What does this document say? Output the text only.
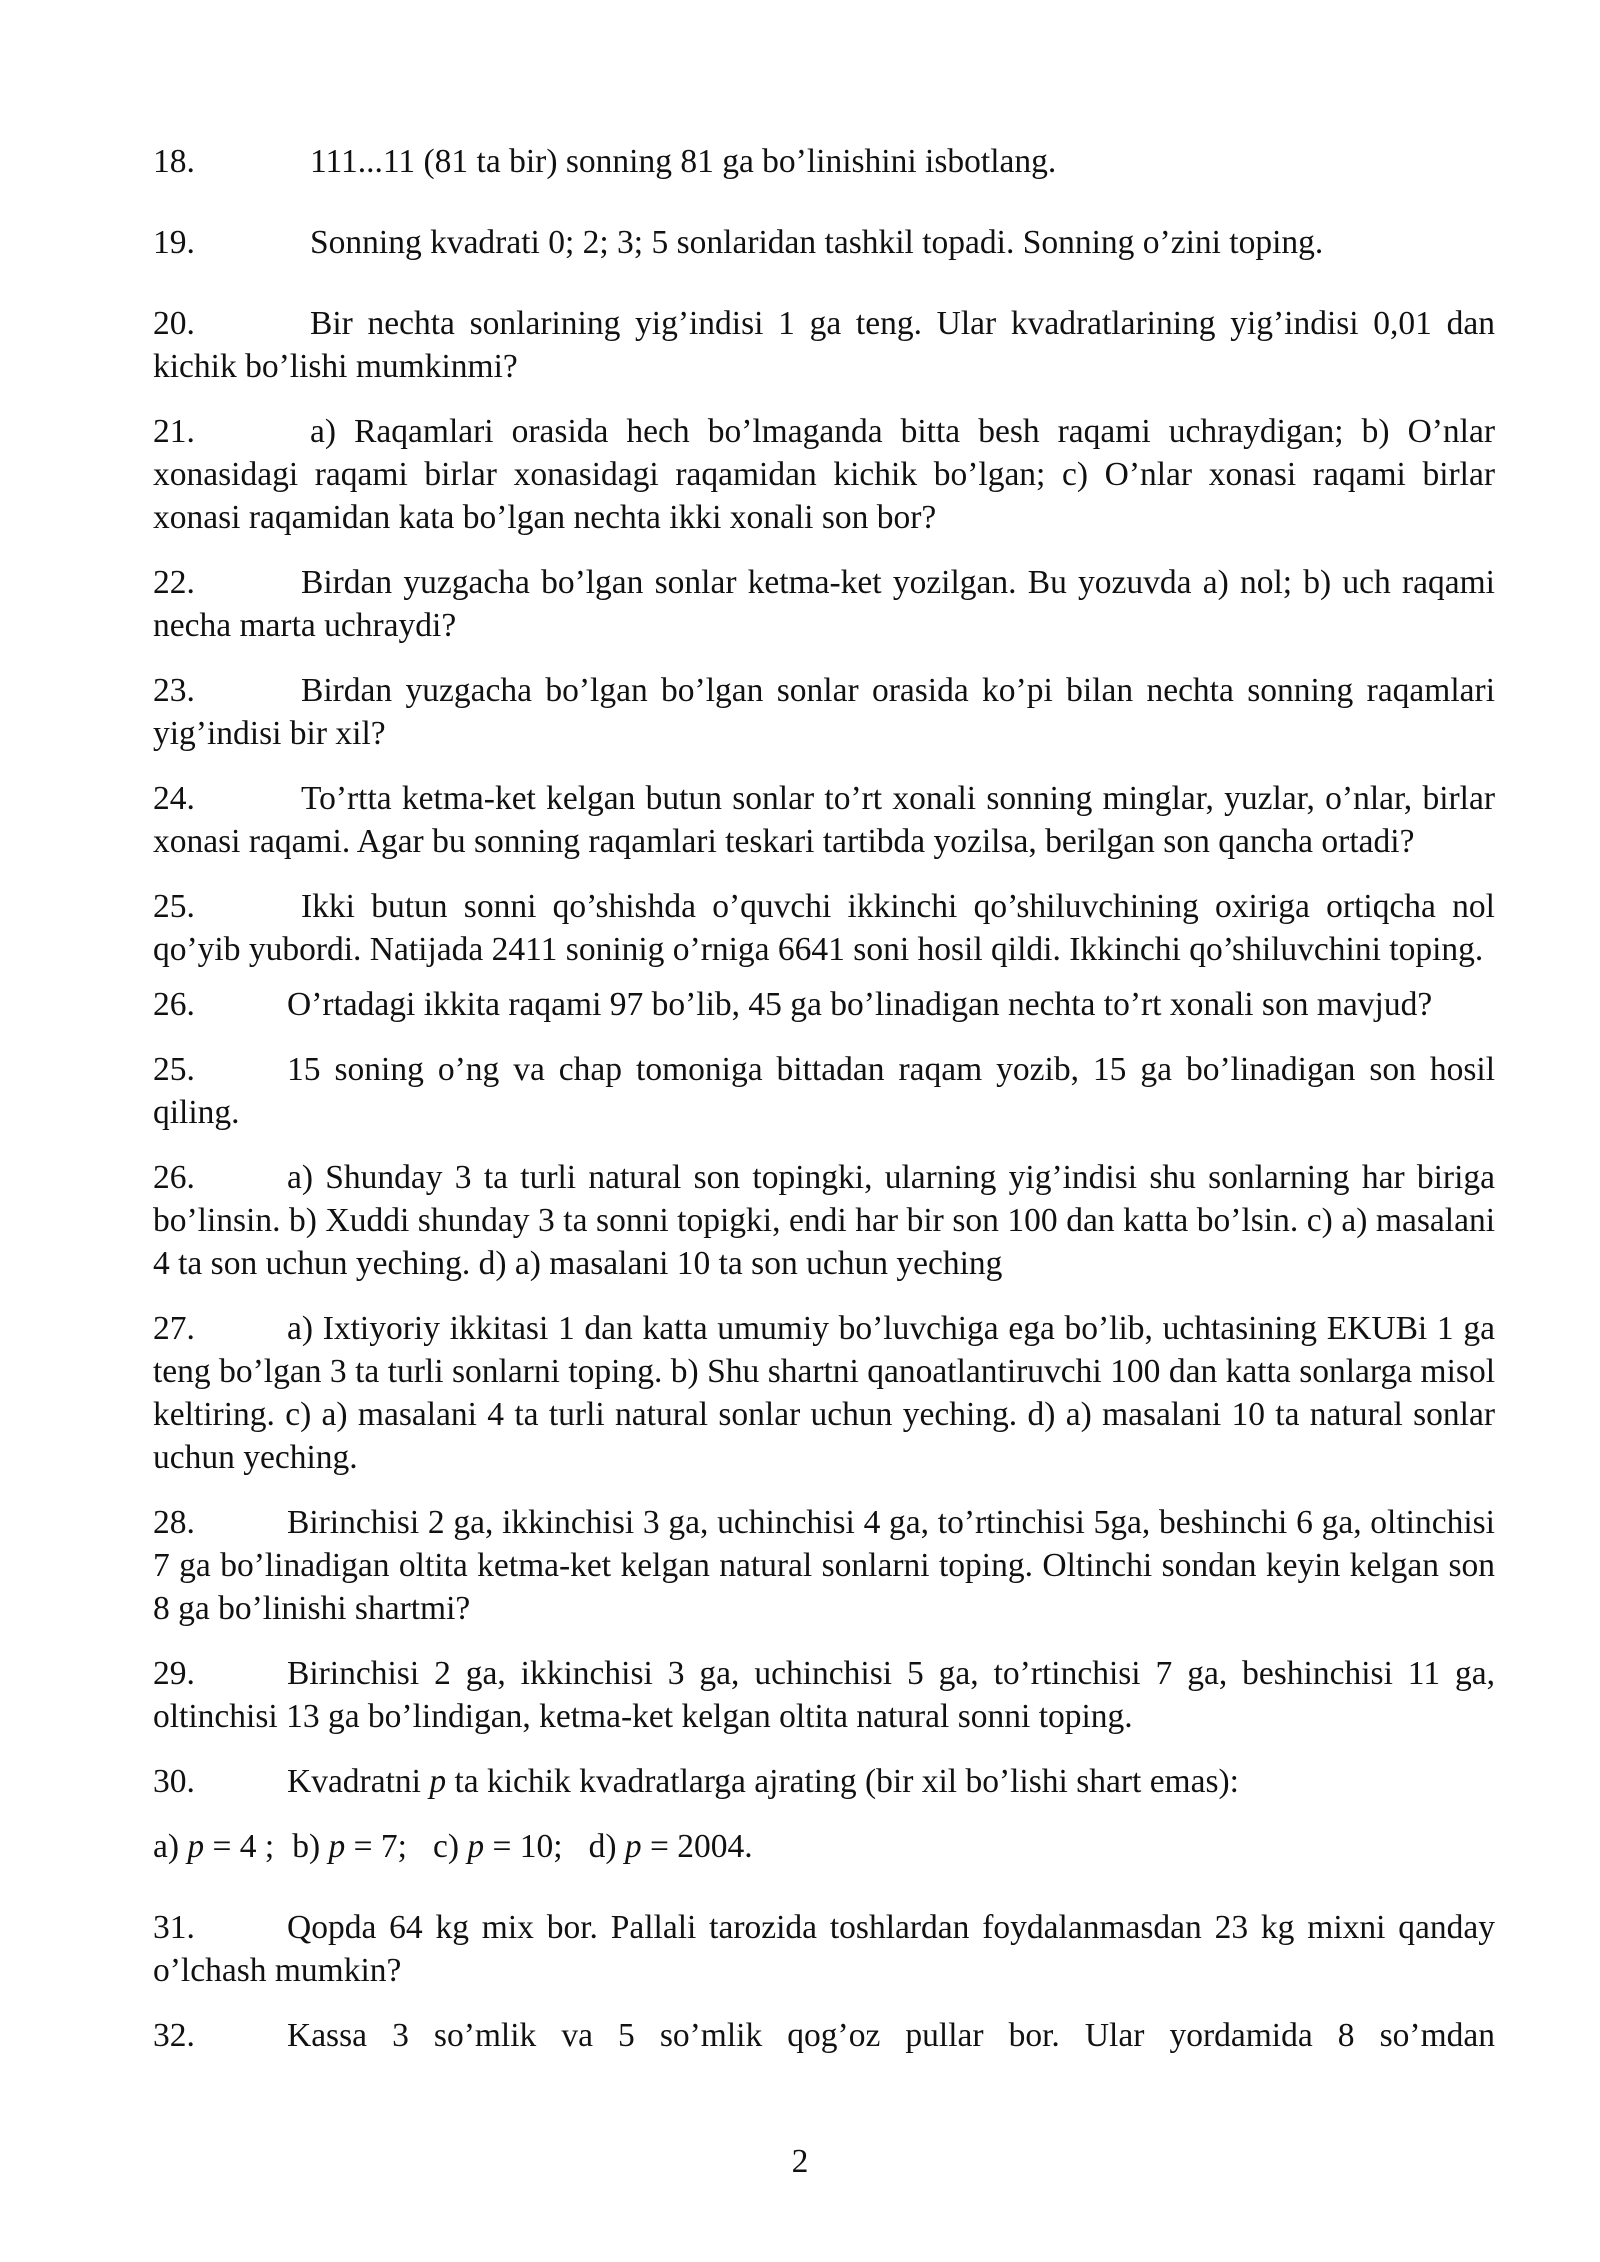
18.	111...11 (81 ta bir) sonning 81 ga bo’linishini isbotlang.

19.	Sonning kvadrati 0; 2; 3; 5 sonlaridan tashkil topadi. Sonning o’zini toping.

20.	Bir nechta sonlarining yig’indisi 1 ga teng. Ular kvadratlarining yig’indisi 0,01 dan kichik bo’lishi mumkinmi?

21.	a) Raqamlari orasida hech bo’lmaganda bitta besh raqami uchraydigan; b) O’nlar xonasidagi raqami birlar xonasidagi raqamidan kichik bo’lgan; c) O’nlar xonasi raqami birlar xonasi raqamidan kata bo’lgan nechta ikki xonali son bor?

22.	Birdan yuzgacha bo’lgan sonlar ketma-ket yozilgan. Bu yozuvda a) nol; b) uch raqami necha marta uchraydi?

23.	Birdan yuzgacha bo’lgan bo’lgan sonlar orasida ko’pi bilan nechta sonning raqamlari yig’indisi bir xil?

24.	To’rtta ketma-ket kelgan butun sonlar to’rt xonali sonning minglar, yuzlar, o’nlar, birlar xonasi raqami. Agar bu sonning raqamlari teskari tartibda yozilsa, berilgan son qancha ortadi?

25.	Ikki butun sonni qo’shishda o’quvchi ikkinchi qo’shiluvchining oxiriga ortiqcha nol qo’yib yubordi. Natijada 2411 soninig o’rniga 6641 soni hosil qildi. Ikkinchi qo’shiluvchini toping.

26.	O’rtadagi ikkita raqami 97 bo’lib, 45 ga bo’linadigan nechta to’rt xonali son mavjud?

25.	15 soning o’ng va chap tomoniga bittadan raqam yozib, 15 ga bo’linadigan son hosil qiling.

26.	a) Shunday 3 ta turli natural son topingki, ularning yig’indisi shu sonlarning har biriga bo’linsin. b) Xuddi shunday 3 ta sonni topigki, endi har bir son 100 dan katta bo’lsin. c) a) masalani 4 ta son uchun yeching. d) a) masalani 10 ta son uchun yeching

27.	a) Ixtiyoriy ikkitasi 1 dan katta umumiy bo’luvchiga ega bo’lib, uchtasining EKUBi 1 ga teng bo’lgan 3 ta turli sonlarni toping. b) Shu shartni qanoatlantiruvchi 100 dan katta sonlarga misol keltiring. c) a) masalani 4 ta turli natural sonlar uchun yeching. d) a) masalani 10 ta natural sonlar uchun yeching.

28.	Birinchisi 2 ga, ikkinchisi 3 ga, uchinchisi 4 ga, to’rtinchisi 5ga, beshinchi 6 ga, oltinchisi 7 ga bo’linadigan oltita ketma-ket kelgan natural sonlarni toping. Oltinchi sondan keyin kelgan son 8 ga bo’linishi shartmi?

29.	Birinchisi 2 ga, ikkinchisi 3 ga, uchinchisi 5 ga, to’rtinchisi 7 ga, beshinchisi 11 ga, oltinchisi 13 ga bo’lindigan, ketma-ket kelgan oltita natural sonni toping.

30.	Kvadratni p ta kichik kvadratlarga ajrating (bir xil bo’lishi shart emas):

a) p = 4 ; b) p = 7; c) p = 10; d) p = 2004.

31.	Qopda 64 kg mix bor. Pallali tarozida toshlardan foydalanmasdan 23 kg mixni qanday o’lchash mumkin?

32.	Kassa 3 so’mlik va 5 so’mlik qog’oz pullar bor. Ular yordamida 8 so’mdan

2
